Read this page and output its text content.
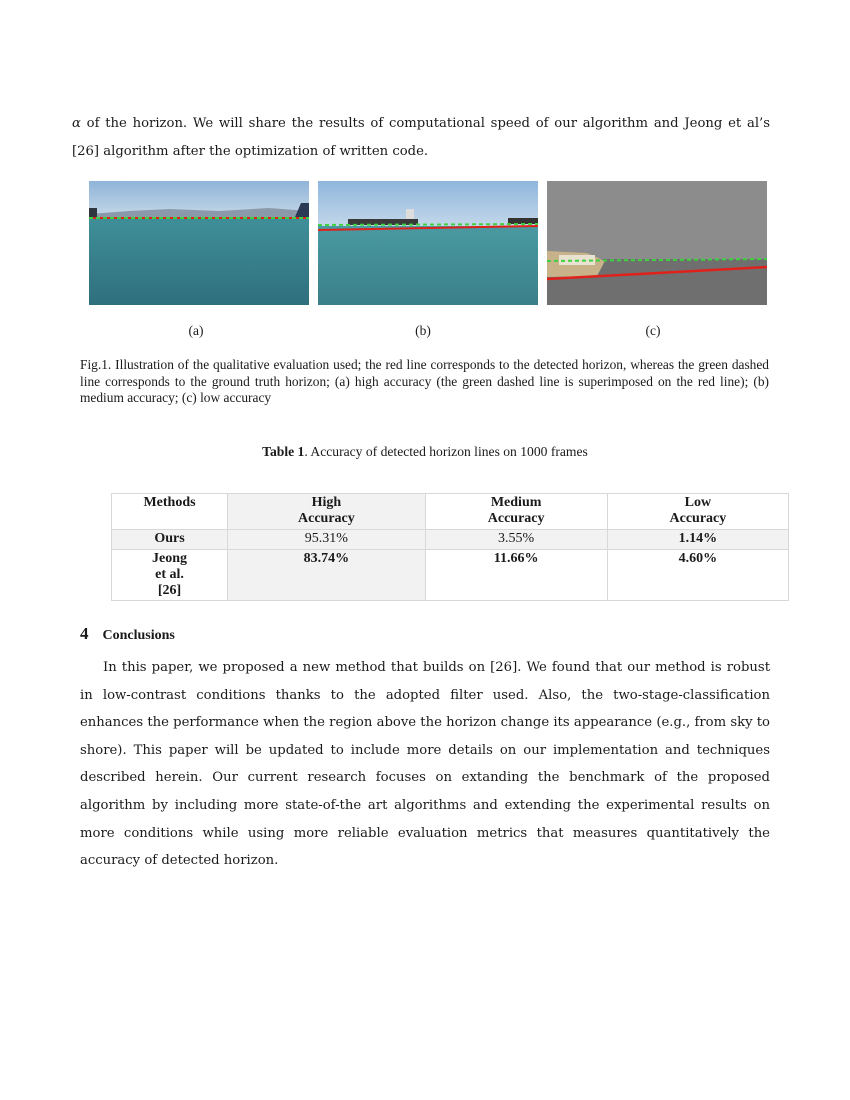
α of the horizon. We will share the results of computational speed of our algorithm and Jeong et al’s [26] algorithm after the optimization of written code.

(a)	(b)	(c)

Fig.1. Illustration of the qualitative evaluation used; the red line corresponds to the detected horizon, whereas the green dashed line corresponds to the ground truth horizon; (a) high accuracy (the green dashed line is superimposed on the red line); (b) medium accuracy; (c) low accuracy

Table 1. Accuracy of detected horizon lines on 1000 frames
Methods	High Accuracy	Medium Accuracy	Low Accuracy
Ours	95.31%	3.55%	1.14%
Jeong et al. [26]	83.74%	11.66%	4.60%
4 Conclusions

In this paper, we proposed a new method that builds on [26]. We found that our method is robust in low-contrast conditions thanks to the adopted filter used. Also, the two-stage-classification enhances the performance when the region above the horizon change its appearance (e.g., from sky to shore). This paper will be updated to include more details on our implementation and techniques described herein. Our current research focuses on extanding the benchmark of the proposed algorithm by including more state-of-the art algorithms and extending the experimental results on more conditions while using more reliable evaluation metrics that measures quantitatively the accuracy of detected horizon.
